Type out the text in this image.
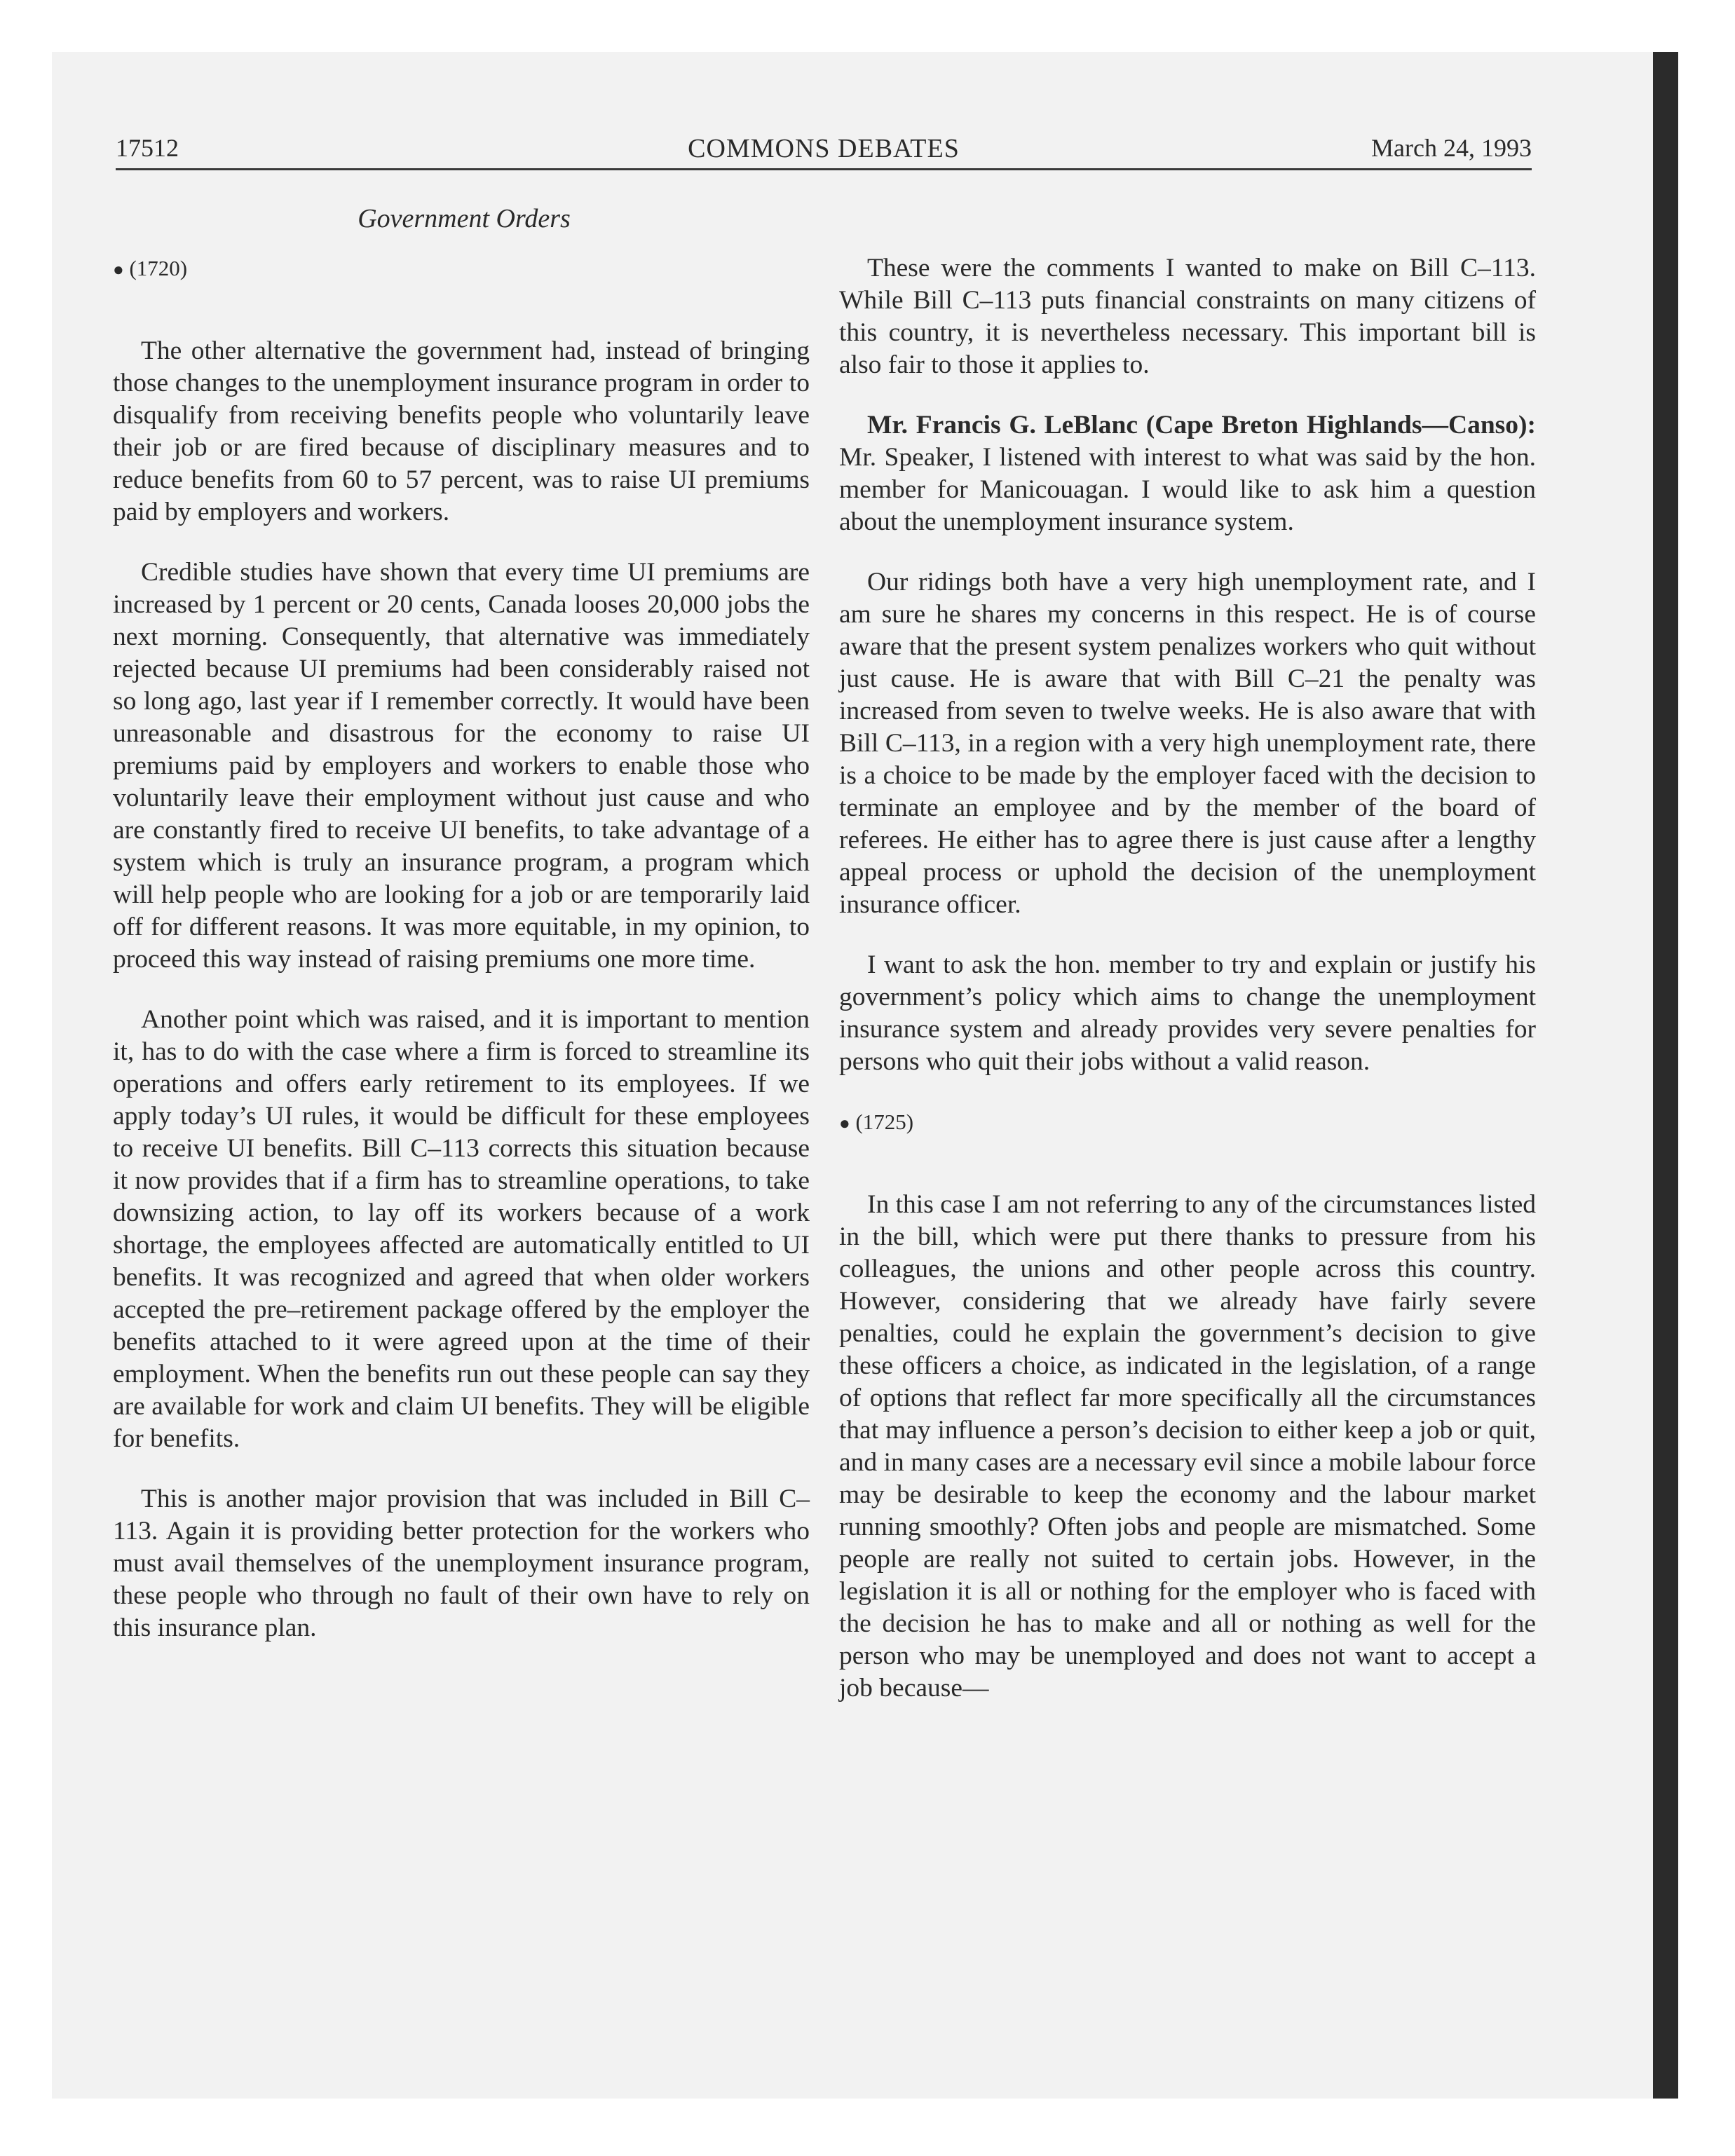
17512	COMMONS DEBATES	March 24, 1993
Government Orders
● (1720)

The other alternative the government had, instead of bringing those changes to the unemployment insurance program in order to disqualify from receiving benefits people who voluntarily leave their job or are fired because of disciplinary measures and to reduce benefits from 60 to 57 percent, was to raise UI premiums paid by employers and workers.

Credible studies have shown that every time UI premiums are increased by 1 percent or 20 cents, Canada looses 20,000 jobs the next morning. Consequently, that alternative was immediately rejected because UI premiums had been considerably raised not so long ago, last year if I remember correctly. It would have been unreasonable and disastrous for the economy to raise UI premiums paid by employers and workers to enable those who voluntarily leave their employment without just cause and who are constantly fired to receive UI benefits, to take advantage of a system which is truly an insurance program, a program which will help people who are looking for a job or are temporarily laid off for different reasons. It was more equitable, in my opinion, to proceed this way instead of raising premiums one more time.

Another point which was raised, and it is important to mention it, has to do with the case where a firm is forced to streamline its operations and offers early retirement to its employees. If we apply today’s UI rules, it would be difficult for these employees to receive UI benefits. Bill C–113 corrects this situation because it now provides that if a firm has to streamline operations, to take downsizing action, to lay off its workers because of a work shortage, the employees affected are automatically entitled to UI benefits. It was recognized and agreed that when older workers accepted the pre–retirement package offered by the employer the benefits attached to it were agreed upon at the time of their employment. When the benefits run out these people can say they are available for work and claim UI benefits. They will be eligible for benefits.

This is another major provision that was included in Bill C–113. Again it is providing better protection for the workers who must avail themselves of the unemployment insurance program, these people who through no fault of their own have to rely on this insurance plan.

These were the comments I wanted to make on Bill C–113. While Bill C–113 puts financial constraints on many citizens of this country, it is nevertheless necessary. This important bill is also fair to those it applies to.

Mr. Francis G. LeBlanc (Cape Breton Highlands—Canso): Mr. Speaker, I listened with interest to what was said by the hon. member for Manicouagan. I would like to ask him a question about the unemployment insurance system.

Our ridings both have a very high unemployment rate, and I am sure he shares my concerns in this respect. He is of course aware that the present system penalizes workers who quit without just cause. He is aware that with Bill C–21 the penalty was increased from seven to twelve weeks. He is also aware that with Bill C–113, in a region with a very high unemployment rate, there is a choice to be made by the employer faced with the decision to terminate an employee and by the member of the board of referees. He either has to agree there is just cause after a lengthy appeal process or uphold the decision of the unemployment insurance officer.

I want to ask the hon. member to try and explain or justify his government’s policy which aims to change the unemployment insurance system and already provides very severe penalties for persons who quit their jobs without a valid reason.

● (1725)

In this case I am not referring to any of the circumstances listed in the bill, which were put there thanks to pressure from his colleagues, the unions and other people across this country. However, considering that we already have fairly severe penalties, could he explain the government’s decision to give these officers a choice, as indicated in the legislation, of a range of options that reflect far more specifically all the circumstances that may influence a person’s decision to either keep a job or quit, and in many cases are a necessary evil since a mobile labour force may be desirable to keep the economy and the labour market running smoothly? Often jobs and people are mismatched. Some people are really not suited to certain jobs. However, in the legislation it is all or nothing for the employer who is faced with the decision he has to make and all or nothing as well for the person who may be unemployed and does not want to accept a job because—
